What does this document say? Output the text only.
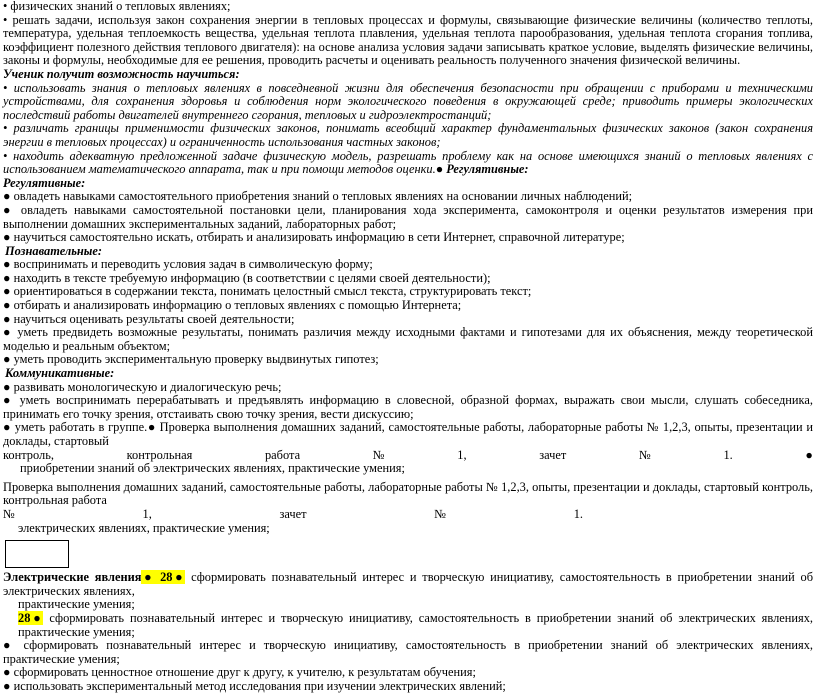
• физических знаний о тепловых явлениях;

• решать задачи, используя закон сохранения энергии в тепловых процессах и формулы, связывающие физические величины (количество теплоты, температура, удельная теплоемкость вещества, удельная теплота плавления, удельная теплота парообразования, удельная теплота сгорания топлива, коэффициент полезного действия теплового двигателя): на основе анализа условия задачи записывать краткое условие, выделять физические величины, законы и формулы, необходимые для ее решения, проводить расчеты и оценивать реальность полученного значения физической величины.

Ученик получит возможность научиться:

• использовать знания о тепловых явлениях в повседневной жизни для обеспечения безопасности при обращении с приборами и техническими устройствами, для сохранения здоровья и соблюдения норм экологического поведения в окружающей среде; приводить примеры экологических последствий работы двигателей внутреннего сгорания, тепловых и гидроэлектростанций;

• различать границы применимости физических законов, понимать всеобщий характер фундаментальных физических законов (закон сохранения энергии в тепловых процессах) и ограниченность использования частных законов;

• находить адекватную предложенной задаче физическую модель, разрешать проблему как на основе имеющихся знаний о тепловых явлениях с использованием математического аппарата, так и при помощи методов оценки.● Регулятивные:

Регулятивные:

● овладеть навыками самостоятельного приобретения знаний о тепловых явлениях на основании личных наблюдений;

● овладеть навыками самостоятельной постановки цели, планирования хода эксперимента, самоконтроля и оценки результатов измерения при выполнении домашних экспериментальных заданий, лабораторных работ;

● научиться самостоятельно искать, отбирать и анализировать информацию в сети Интернет, справочной литературе;

Познавательные:

● воспринимать и переводить условия задач в символическую форму;

● находить в тексте требуемую информацию (в соответствии с целями своей деятельности);

● ориентироваться в содержании текста, понимать целостный смысл текста, структурировать текст;

● отбирать и анализировать информацию о тепловых явлениях с помощью Интернета;

● научиться оценивать результаты своей деятельности;

● уметь предвидеть возможные результаты, понимать различия между исходными фактами и гипотезами для их объяснения, между теоретической моделью и реальным объектом;

● уметь проводить экспериментальную проверку выдвинутых гипотез;

Коммуникативные:

● развивать монологическую и диалогическую речь;

● уметь воспринимать перерабатывать и предъявлять информацию в словесной, образной формах, выражать свои мысли, слушать собеседника, принимать его точку зрения, отстаивать свою точку зрения, вести дискуссию;

● уметь работать в группе.● Проверка выполнения домашних заданий, самостоятельные работы, лабораторные работы № 1,2,3, опыты, презентации и доклады, стартовый

контроль,	контрольная	работа	№	1,	зачет	№	1.	●

приобретении знаний об электрических явлениях, практические умения;

Проверка выполнения домашних заданий, самостоятельные работы, лабораторные работы № 1,2,3, опыты, презентации и доклады, стартовый контроль, контрольная работа

№	1,	зачет	№	1.

электрических явлениях, практические умения;

Электрические явления● 28● сформировать познавательный интерес и творческую инициативу, самостоятельность в приобретении знаний об электрических явлениях,

практические умения;

28● сформировать познавательный интерес и творческую инициативу, самостоятельность в приобретении знаний об электрических явлениях, практические умения;

● сформировать познавательный интерес и творческую инициативу, самостоятельность в приобретении знаний об электрических явлениях, практические умения;

● сформировать ценностное отношение друг к другу, к учителю, к результатам обучения;

● использовать экспериментальный метод исследования при изучении электрических явлений;
